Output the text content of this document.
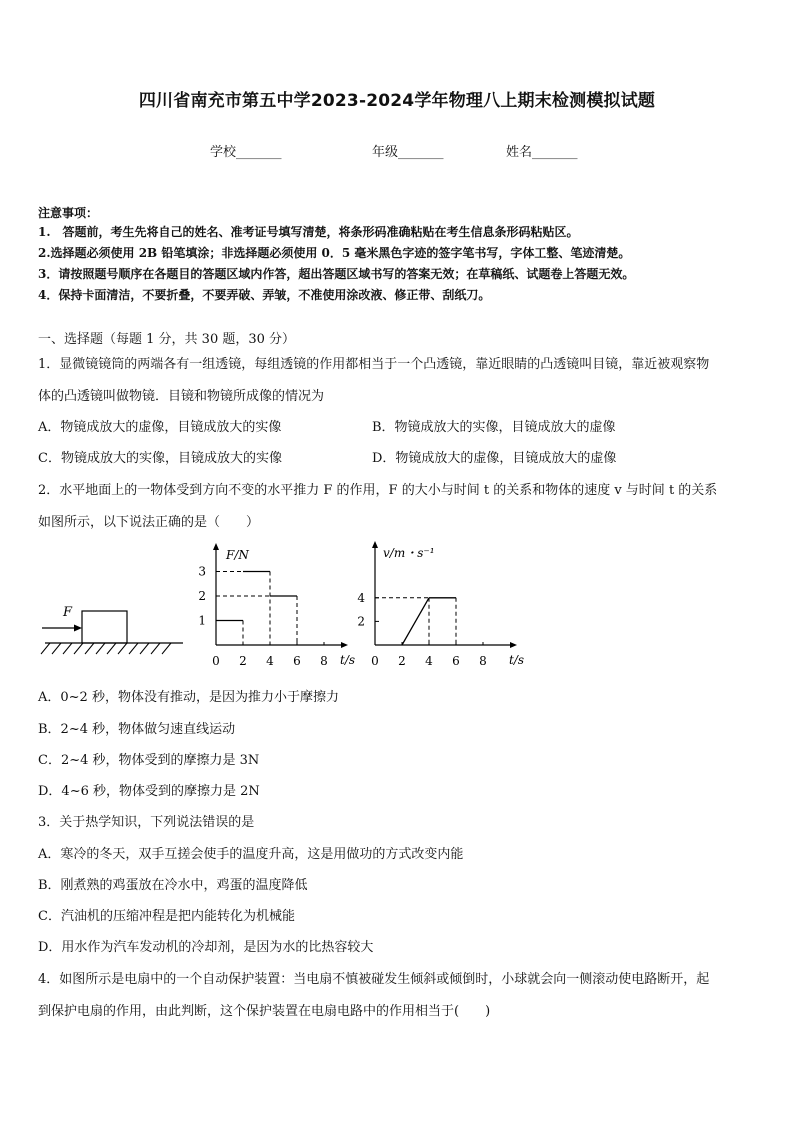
四川省南充市第五中学2023-2024学年物理八上期末检测模拟试题
学校_______	年级_______	姓名_______
注意事项：
1.　答题前，考生先将自己的姓名、准考证号填写清楚，将条形码准确粘贴在考生信息条形码粘贴区。
2.选择题必须使用 2B 铅笔填涂；非选择题必须使用 0．5 毫米黑色字迹的签字笔书写，字体工整、笔迹清楚。
3．请按照题号顺序在各题目的答题区域内作答，超出答题区域书写的答案无效；在草稿纸、试题卷上答题无效。
4．保持卡面清洁，不要折叠，不要弄破、弄皱，不准使用涂改液、修正带、刮纸刀。
一、选择题（每题 1 分，共 30 题，30 分）
1．显微镜镜筒的两端各有一组透镜，每组透镜的作用都相当于一个凸透镜，靠近眼睛的凸透镜叫目镜，靠近被观察物
体的凸透镜叫做物镜．目镜和物镜所成像的情况为
A．物镜成放大的虚像，目镜成放大的实像	B．物镜成放大的实像，目镜成放大的虚像
C．物镜成放大的实像，目镜成放大的实像	D．物镜成放大的虚像，目镜成放大的虚像
2．水平地面上的一物体受到方向不变的水平推力 F 的作用，F 的大小与时间 t 的关系和物体的速度 v 与时间 t 的关系
如图所示，以下说法正确的是（　　）
F
F/N
t/s
0 2 4 6 8
1
2
3
v/m・s⁻¹
t/s
0 2 4 6 8
2
4
A．0~2 秒，物体没有推动，是因为推力小于摩擦力
B．2~4 秒，物体做匀速直线运动
C．2~4 秒，物体受到的摩擦力是 3N
D．4~6 秒，物体受到的摩擦力是 2N
3．关于热学知识，下列说法错误的是
A．寒冷的冬天，双手互搓会使手的温度升高，这是用做功的方式改变内能
B．刚煮熟的鸡蛋放在冷水中，鸡蛋的温度降低
C．汽油机的压缩冲程是把内能转化为机械能
D．用水作为汽车发动机的冷却剂，是因为水的比热容较大
4．如图所示是电扇中的一个自动保护装置：当电扇不慎被碰发生倾斜或倾倒时，小球就会向一侧滚动使电路断开，起
到保护电扇的作用，由此判断，这个保护装置在电扇电路中的作用相当于(　　)
